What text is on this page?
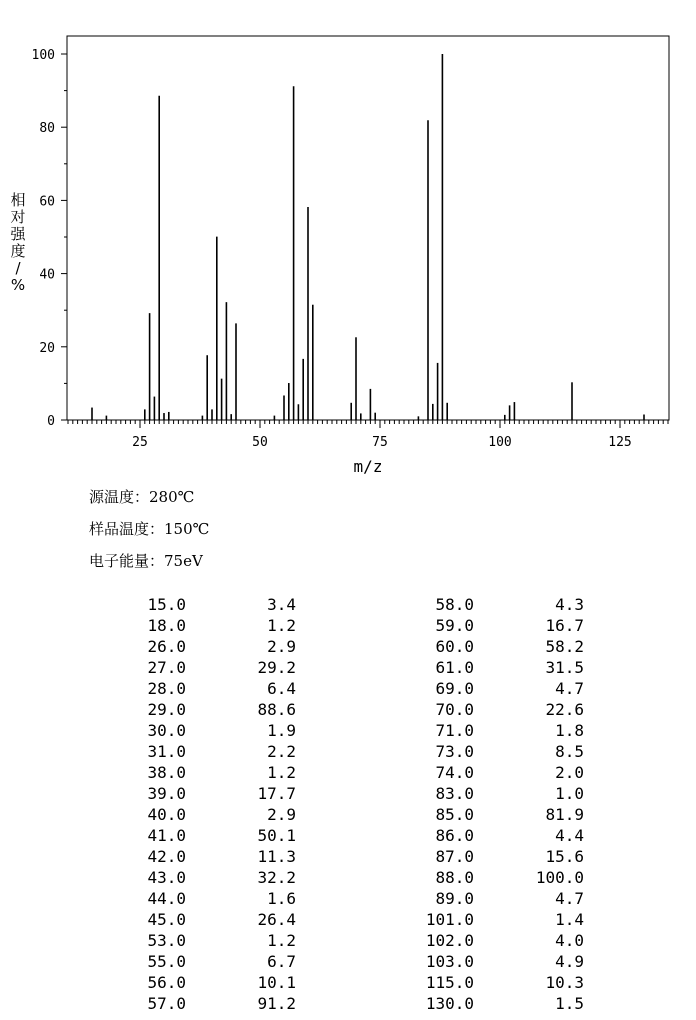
25	50	75	100	125
0
20
40
60
80
100
m/z
相对强度/ %
源温度：280℃
样品温度：150℃
电子能量：75eV
15.0	3.4
18.0	1.2
26.0	2.9
27.0	29.2
28.0	6.4
29.0	88.6
30.0	1.9
31.0	2.2
38.0	1.2
39.0	17.7
40.0	2.9
41.0	50.1
42.0	11.3
43.0	32.2
44.0	1.6
45.0	26.4
53.0	1.2
55.0	6.7
56.0	10.1
57.0	91.2
58.0	4.3
59.0	16.7
60.0	58.2
61.0	31.5
69.0	4.7
70.0	22.6
71.0	1.8
73.0	8.5
74.0	2.0
83.0	1.0
85.0	81.9
86.0	4.4
87.0	15.6
88.0	100.0
89.0	4.7
101.0	1.4
102.0	4.0
103.0	4.9
115.0	10.3
130.0	1.5
